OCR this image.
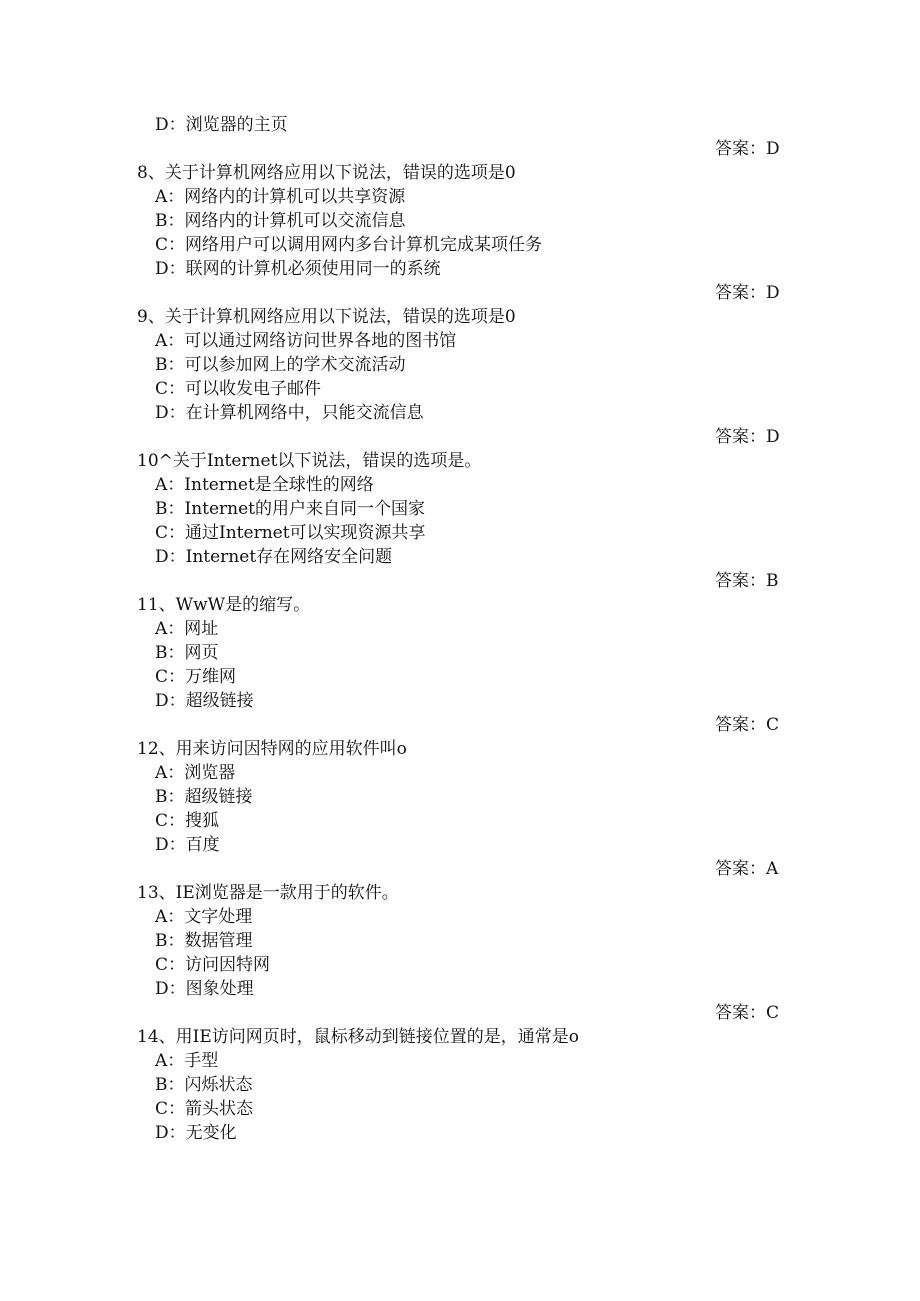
D：浏览器的主页
答案：D
8、关于计算机网络应用以下说法，错误的选项是0
A：网络内的计算机可以共享资源
B：网络内的计算机可以交流信息
C：网络用户可以调用网内多台计算机完成某项任务
D：联网的计算机必须使用同一的系统
答案：D
9、关于计算机网络应用以下说法，错误的选项是0
A：可以通过网络访问世界各地的图书馆
B：可以参加网上的学术交流活动
C：可以收发电子邮件
D：在计算机网络中，只能交流信息
答案：D
10^关于Internet以下说法，错误的选项是。
A：Internet是全球性的网络
B：Internet的用户来自同一个国家
C：通过Internet可以实现资源共享
D：Internet存在网络安全问题
答案：B
11、WwW是的缩写。
A：网址
B：网页
C：万维网
D：超级链接
答案：C
12、用来访问因特网的应用软件叫o
A：浏览器
B：超级链接
C：搜狐
D：百度
答案：A
13、IE浏览器是一款用于的软件。
A：文字处理
B：数据管理
C：访问因特网
D：图象处理
答案：C
14、用IE访问网页时，鼠标移动到链接位置的是，通常是o
A：手型
B：闪烁状态
C：箭头状态
D：无变化
